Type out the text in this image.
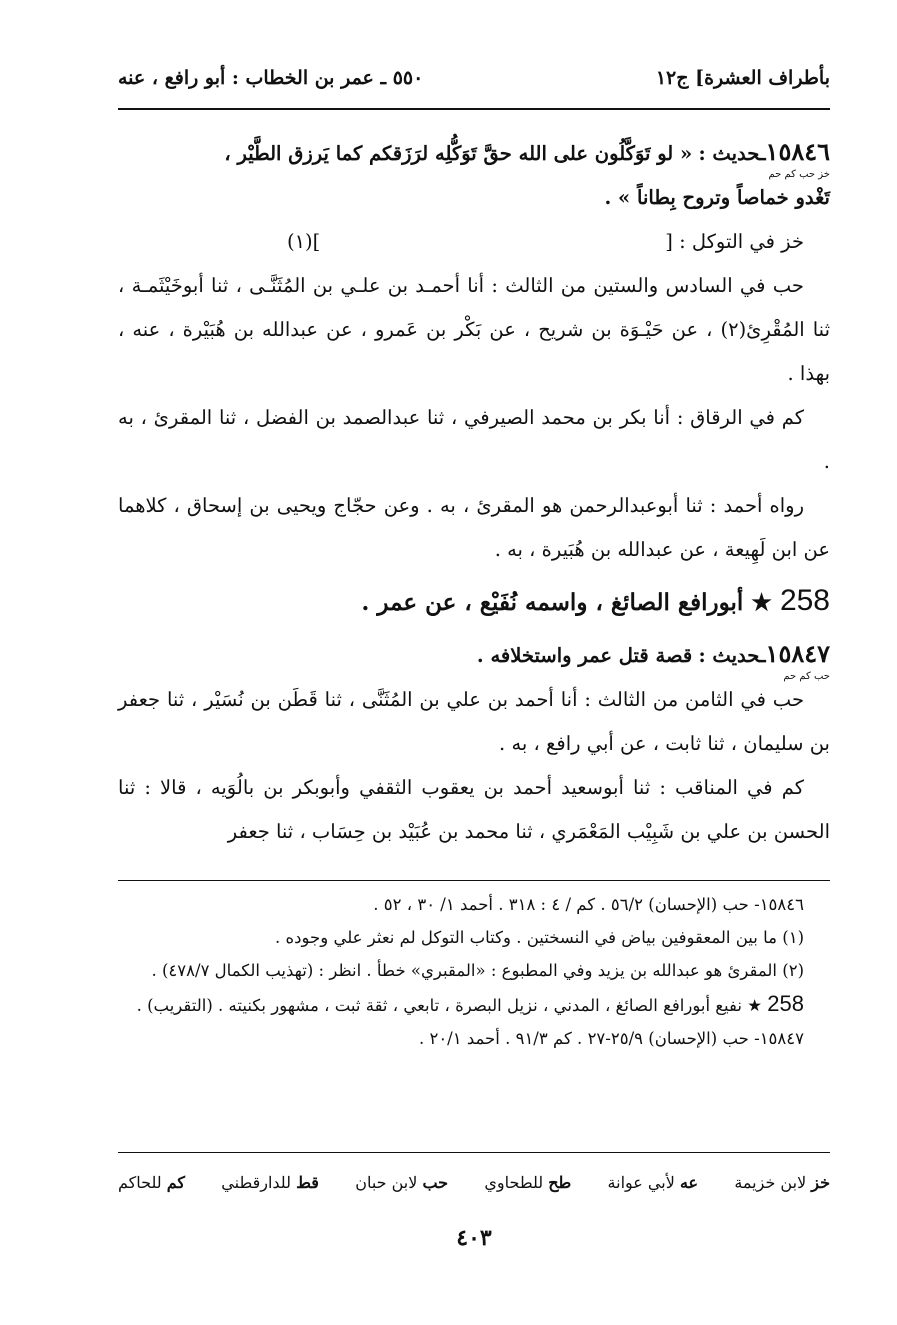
بأطراف العشرة] ج١٢
٥٥٠ ـ عمر بن الخطاب : أبو رافع ، عنه

١٥٨٤٦ـحديث : « لو تَوَكَّلُون على الله حقَّ تَوَكُّلِه لرَزَقكم كما يَرزق الطَّيْر ،
خز حب كم حم
تَغْدو خماصاً وتروح بِطاناً » .

خز في التوكل : [
](١)

حب في السادس والستين من الثالث : أنا أحمـد بن علـي بن المُثَنَّـى ، ثنا أبوخَيْثَمـة ، ثنا المُقْرِئ(٢) ، عن حَيْـوَة بن شريح ، عن بَكْر بن عَمرو ، عن عبدالله بن هُبَيْرة ، عنه ، بهذا .

كم في الرقاق : أنا بكر بن محمد الصيرفي ، ثنا عبدالصمد بن الفضل ، ثنا المقرئ ، به .

رواه أحمد : ثنا أبوعبدالرحمن هو المقرئ ، به . وعن حجّاج ويحيى بن إسحاق ، كلاهما عن ابن لَهِيعة ، عن عبدالله بن هُبَيرة ، به .

258 ★ أبورافع الصائغ ، واسمه نُفَيْع ، عن عمر .

١٥٨٤٧ـحديث : قصة قتل عمر واستخلافه .
حب كم حم

حب في الثامن من الثالث : أنا أحمد بن علي بن المُثَنَّى ، ثنا قَطَن بن نُسَيْر ، ثنا جعفر بن سليمان ، ثنا ثابت ، عن أبي رافع ، به .

كم في المناقب : ثنا أبوسعيد أحمد بن يعقوب الثقفي وأبوبكر بن بالُوَيه ، قالا : ثنا الحسن بن علي بن شَبِيْب المَعْمَري ، ثنا محمد بن عُبَيْد بن حِسَاب ، ثنا جعفر

١٥٨٤٦- حب (الإحسان) ٥٦/٢ . كم / ٤ : ٣١٨ . أحمد ١/ ٣٠ ، ٥٢ .

(١) ما بين المعقوفين بياض في النسختين . وكتاب التوكل لم نعثر علي وجوده .

(٢) المقرئ هو عبدالله بن يزيد وفي المطبوع : «المقبري» خطأ . انظر : (تهذيب الكمال ٤٧٨/٧) .

258 ★ نفيع أبورافع الصائغ ، المدني ، نزيل البصرة ، تابعي ، ثقة ثبت ، مشهور بكنيته . (التقريب) .

١٥٨٤٧- حب (الإحسان) ٢٥/٩-٢٧ . كم ٩١/٣ . أحمد ٢٠/١ .

خز لابن خزيمة
عه لأبي عوانة
طح للطحاوي
حب لابن حبان
قط للدارقطني
كم للحاكم
٤٠٣
